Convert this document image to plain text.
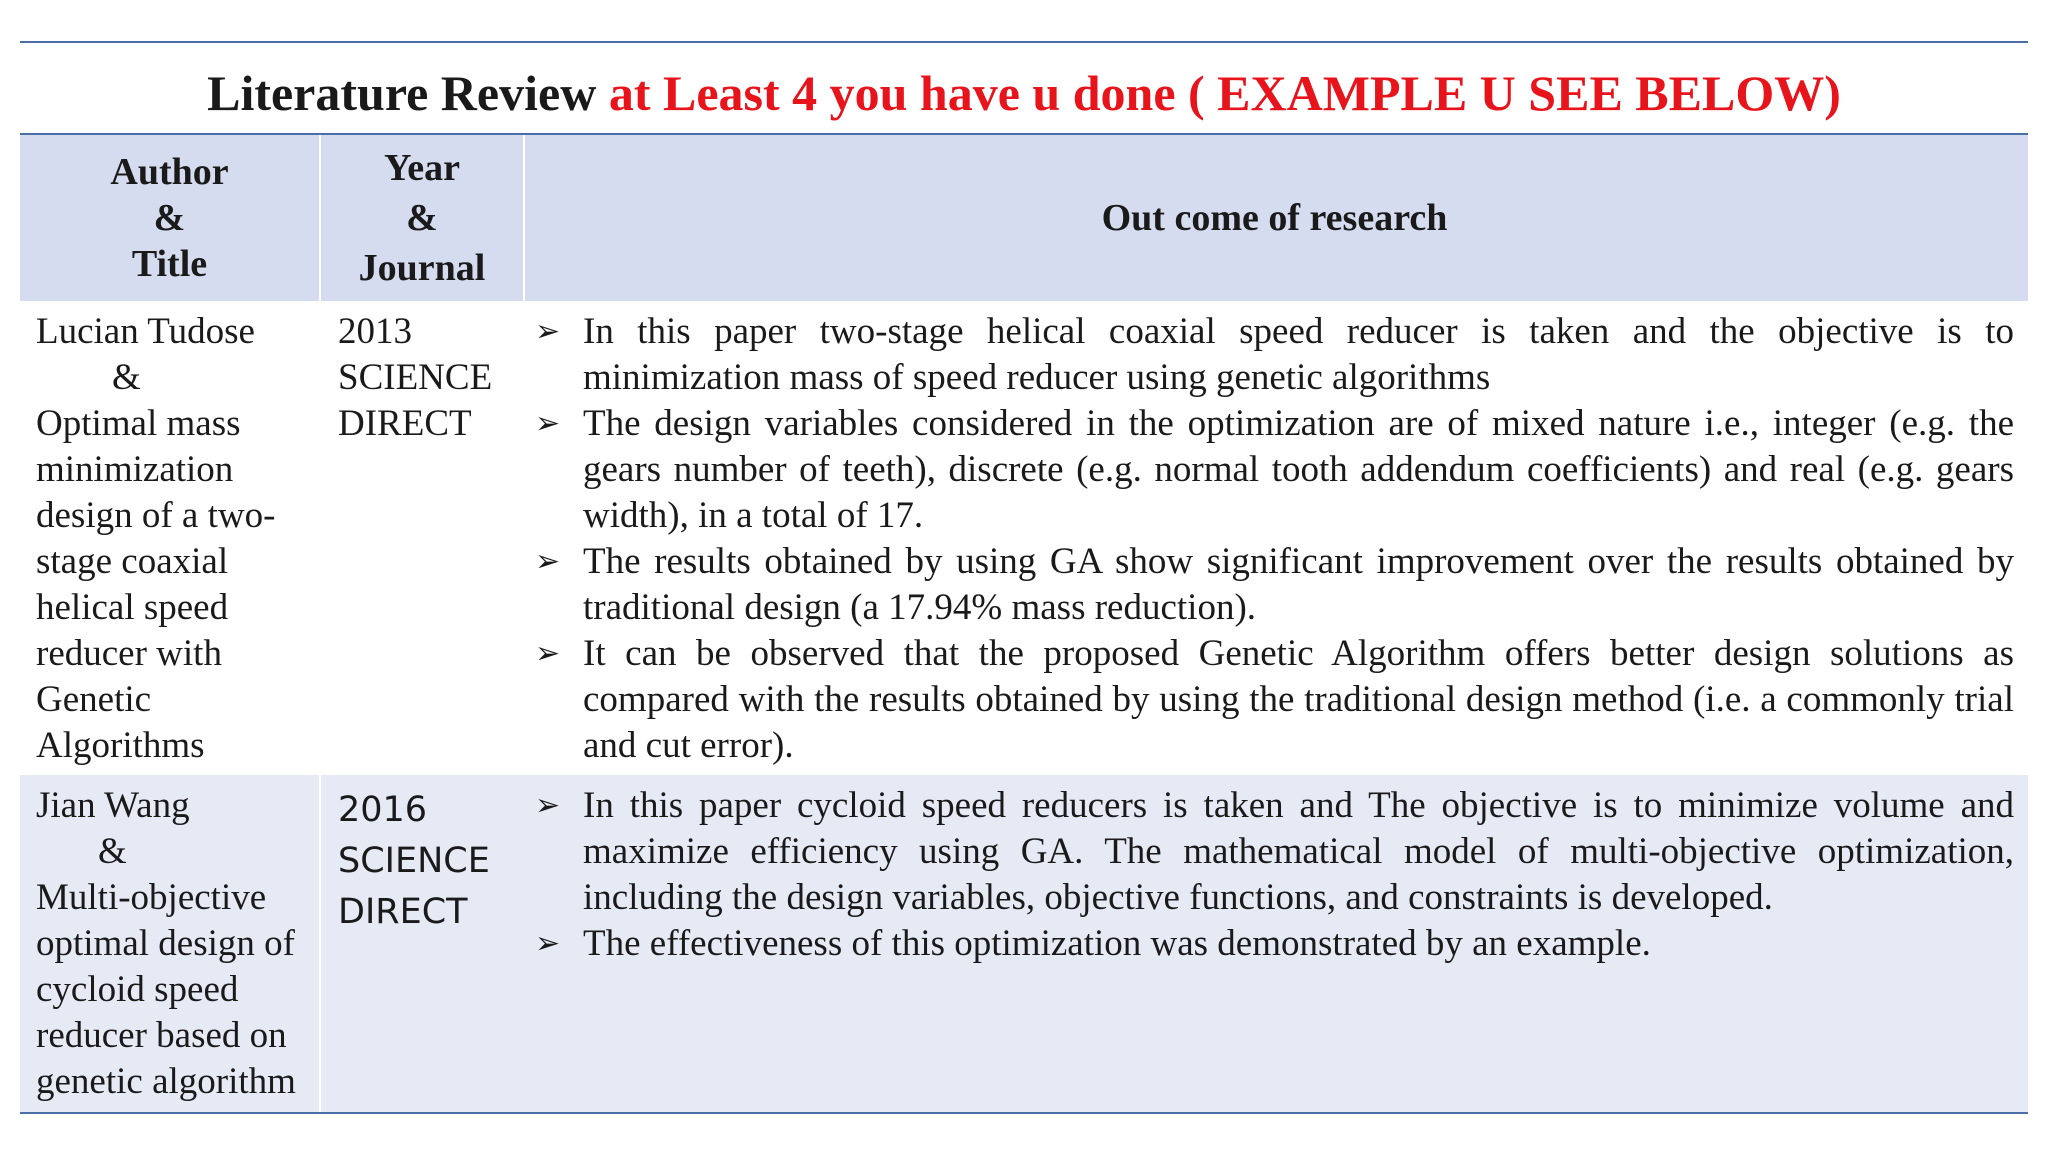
Literature Review at Least 4 you have u done ( EXAMPLE U SEE BELOW)
Author
&
Title
Year
&
Journal
Out come of research
Lucian Tudose
&
Optimal mass
minimization
design of a two-
stage coaxial
helical speed
reducer with
Genetic
Algorithms
2013
SCIENCE
DIRECT
➢ In this paper two-stage helical coaxial speed reducer is taken and the objective is to minimization mass of speed reducer using genetic algorithms
➢ The design variables considered in the optimization are of mixed nature i.e., integer (e.g. the gears number of teeth), discrete (e.g. normal tooth addendum coefficients) and real (e.g. gears width), in a total of 17.
➢ The results obtained by using GA show significant improvement over the results obtained by traditional design (a 17.94% mass reduction).
➢ It can be observed that the proposed Genetic Algorithm offers better design solutions as compared with the results obtained by using the traditional design method (i.e. a commonly trial and cut error).
Jian Wang
&
Multi-objective
optimal design of
cycloid speed
reducer based on
genetic algorithm
2016
SCIENCE
DIRECT
➢ In this paper cycloid speed reducers is taken and The objective is to minimize volume and maximize efficiency using GA. The mathematical model of multi-objective optimization, including the design variables, objective functions, and constraints is developed.
➢ The effectiveness of this optimization was demonstrated by an example.
